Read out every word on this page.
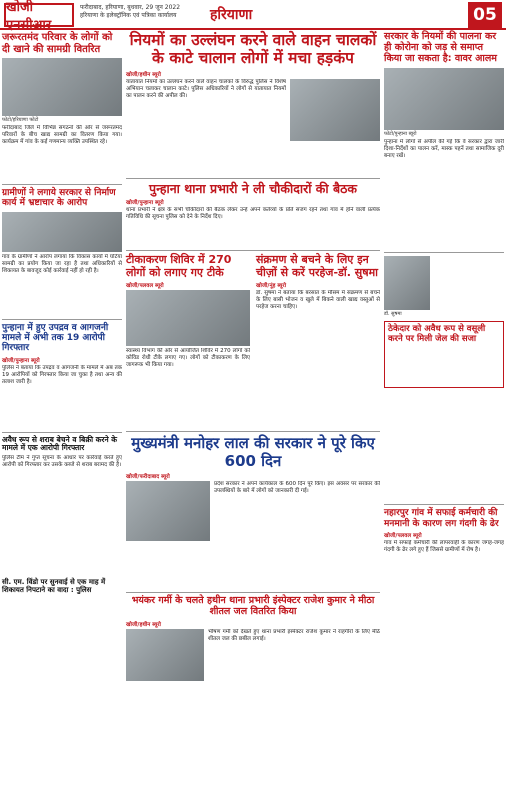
खोजी एनसीआर
फरीदाबाद, हरियाणा, बुधवार, 29 जून 2022
हरियाणा के इलेक्ट्रॉनिक एवं पत्रिका कार्यालय हरियाणा	05
जरूरतमंद परिवार के लोगों को दी खाने की सामग्री वितरित
फोटो/हरियाणा फोटो
फरीदाबाद जिले में विभिन्न संगठनों की ओर से जरूरतमंद परिवारों के बीच खाद्य सामग्री का वितरण किया गया। कार्यक्रम में गांव के कई गणमान्य व्यक्ति उपस्थित रहे।
ग्रामीणों ने लगाये सरकार से निर्माण कार्य में भ्रष्टाचार के आरोप
गांव के ग्रामीणों ने आरोप लगाया कि विकास कार्यों में घटिया सामग्री का प्रयोग किया जा रहा है तथा अधिकारियों से शिकायत के बावजूद कोई कार्रवाई नहीं हो रही है।
पुन्हाना में हुए उपद्रव व आगजनी मामले में अभी तक 19 आरोपी गिरफ्तार
खोजी/पुन्हाना ब्यूरो
पुलिस ने बताया कि उपद्रव व आगजनी के मामले में अब तक 19 आरोपियों को गिरफ्तार किया जा चुका है तथा अन्य की तलाश जारी है।
अवैध रूप से शराब बेचने व बिक्री करने के मामले में एक आरोपी गिरफ्तार
पुलिस टीम ने गुप्त सूचना के आधार पर कार्रवाई करते हुए आरोपी को गिरफ्तार कर उसके कब्जे से शराब बरामद की है।
सी. एम. विंडो पर सुनवाई से एक माह में शिकायत निपटाने का वादा : पुलिस
नियमों का उल्लंघन करने वाले वाहन चालकों के काटे चालान लोगों में मचा हड़कंप
खोजी/हथीन ब्यूरो
यातायात नियमों का उल्लंघन करने वाले वाहन चालकों के विरुद्ध पुलिस ने विशेष अभियान चलाकर चालान काटे। पुलिस अधिकारियों ने लोगों से यातायात नियमों का पालन करने की अपील की।
पुन्हाना थाना प्रभारी ने ली चौकीदारों की बैठक
खोजी/पुन्हाना ब्यूरो
थाना प्रभारी ने क्षेत्र के सभी चौकीदारों की बैठक लेकर उन्हें अपने कर्तव्यों के प्रति सजग रहने तथा गांव में होने वाली प्रत्येक गतिविधि की सूचना पुलिस को देने के निर्देश दिए।
टीकाकरण शिविर में 270 लोगों को लगाए गए टीके
खोजी/पलवल ब्यूरो
स्वास्थ्य विभाग की ओर से आयोजित शिविर में 270 लोगों को कोविड रोधी टीके लगाए गए। लोगों को टीकाकरण के लिए जागरूक भी किया गया।
संक्रमण से बचने के लिए इन चीज़ों से करें परहेज-डॉ. सुषमा
खोजी/नूंह ब्यूरो
डॉ. सुषमा ने बताया कि बरसात के मौसम में संक्रमण से बचने के लिए बासी भोजन व खुले में बिकने वाली खाद्य वस्तुओं से परहेज करना चाहिए।
मुख्यमंत्री मनोहर लाल की सरकार ने पूरे किए 600 दिन
खोजी/फरीदाबाद ब्यूरो
प्रदेश सरकार ने अपने कार्यकाल के 600 दिन पूरे किए। इस अवसर पर सरकार की उपलब्धियों के बारे में लोगों को जानकारी दी गई।
भयंकर गर्मी के चलते हथीन थाना प्रभारी इंस्पेक्टर राजेश कुमार ने मीठा शीतल जल वितरित किया
खोजी/हथीन ब्यूरो
भीषण गर्मी को देखते हुए थाना प्रभारी इंस्पेक्टर राजेश कुमार ने राहगीरों के लिए मीठे शीतल जल की छबील लगाई।
सरकार के नियमों की पालना कर ही कोरोना को जड़ से समाप्त किया जा सकता है: वावर आलम
फोटो/पुन्हाना ब्यूरो
पुन्हाना में लोगों से अपील की गई कि वे सरकार द्वारा जारी दिशा-निर्देशों का पालन करें, मास्क पहनें तथा सामाजिक दूरी बनाए रखें।
डॉ. सुषमा
ठेकेदार को अवैध रूप से वसूली करने पर मिली जेल की सजा
नहारपुर गांव में सफाई कर्मचारी की मनमानी के कारण लग गंदगी के ढेर
खोजी/पलवल ब्यूरो
गांव में सफाई कर्मचारी की लापरवाही के कारण जगह-जगह गंदगी के ढेर लगे हुए हैं जिससे ग्रामीणों में रोष है।
